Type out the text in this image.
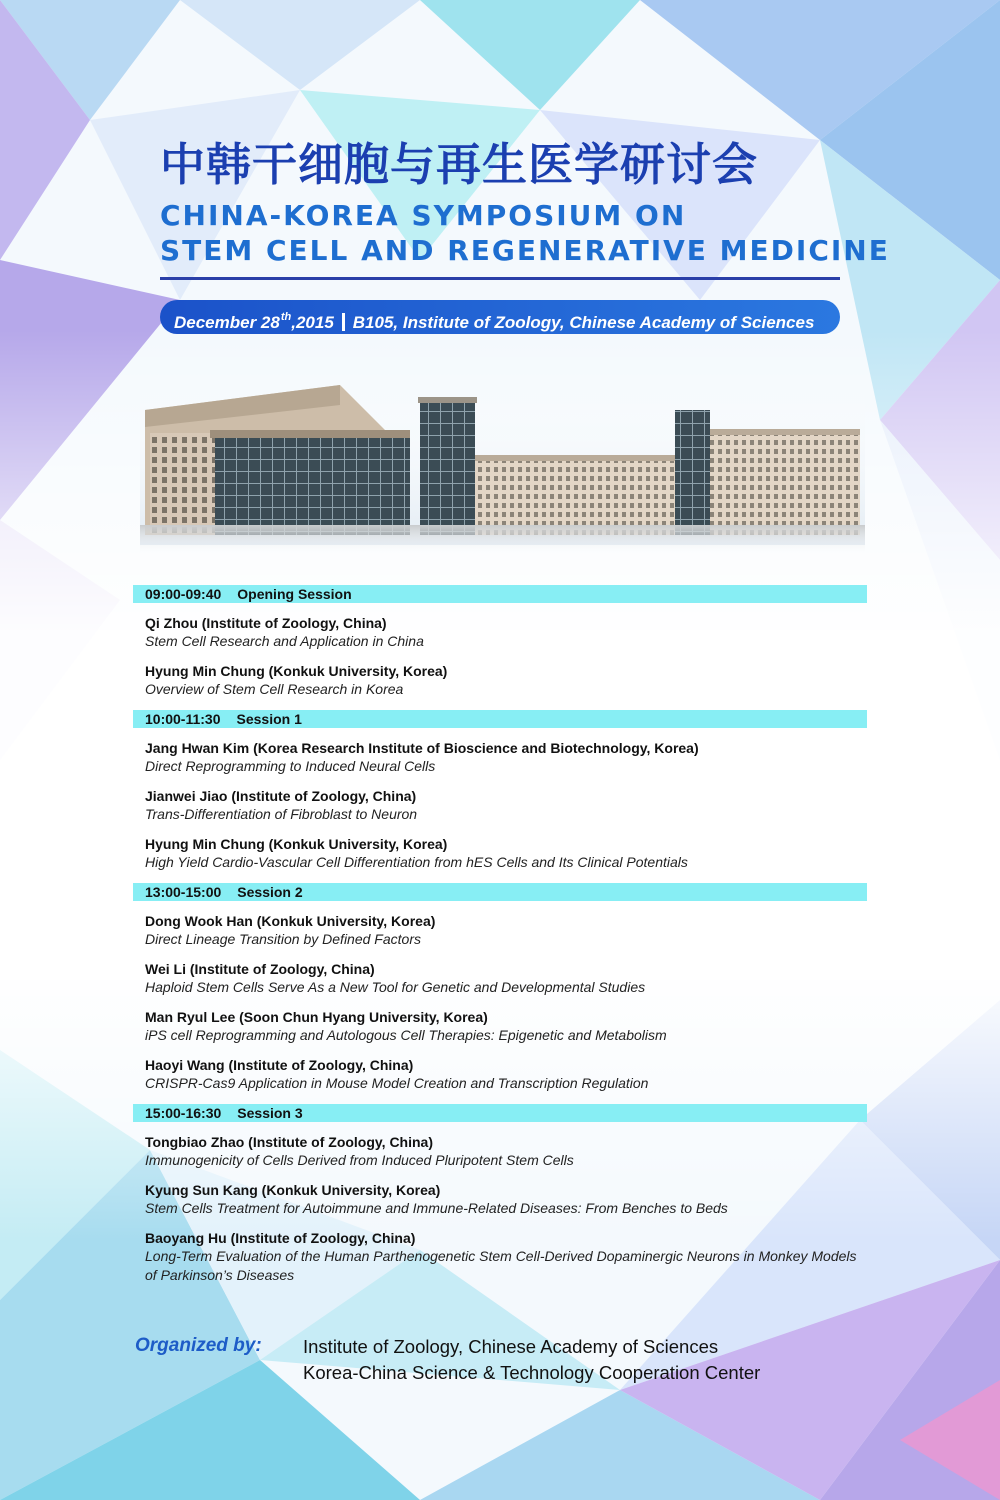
中韩干细胞与再生医学研讨会
CHINA-KOREA SYMPOSIUM ON
STEM CELL AND REGENERATIVE MEDICINE
December 28th,2015 B105, Institute of Zoology, Chinese Academy of Sciences
09:00-09:40 Opening Session
Qi Zhou (Institute of Zoology, China)
Stem Cell Research and Application in China
Hyung Min Chung (Konkuk University, Korea)
Overview of Stem Cell Research in Korea
10:00-11:30 Session 1
Jang Hwan Kim (Korea Research Institute of Bioscience and Biotechnology, Korea)
Direct Reprogramming to Induced Neural Cells
Jianwei Jiao (Institute of Zoology, China)
Trans-Differentiation of Fibroblast to Neuron
Hyung Min Chung (Konkuk University, Korea)
High Yield Cardio-Vascular Cell Differentiation from hES Cells and Its Clinical Potentials
13:00-15:00 Session 2
Dong Wook Han (Konkuk University, Korea)
Direct Lineage Transition by Defined Factors
Wei Li (Institute of Zoology, China)
Haploid Stem Cells Serve As a New Tool for Genetic and Developmental Studies
Man Ryul Lee (Soon Chun Hyang University, Korea)
iPS cell Reprogramming and Autologous Cell Therapies: Epigenetic and Metabolism
Haoyi Wang (Institute of Zoology, China)
CRISPR-Cas9 Application in Mouse Model Creation and Transcription Regulation
15:00-16:30 Session 3
Tongbiao Zhao (Institute of Zoology, China)
Immunogenicity of Cells Derived from Induced Pluripotent Stem Cells
Kyung Sun Kang (Konkuk University, Korea)
Stem Cells Treatment for Autoimmune and Immune-Related Diseases: From Benches to Beds
Baoyang Hu (Institute of Zoology, China)
Long-Term Evaluation of the Human Parthenogenetic Stem Cell-Derived Dopaminergic Neurons in Monkey Models of Parkinson’s Diseases
Organized by: Institute of Zoology, Chinese Academy of Sciences
Korea-China Science & Technology Cooperation Center
